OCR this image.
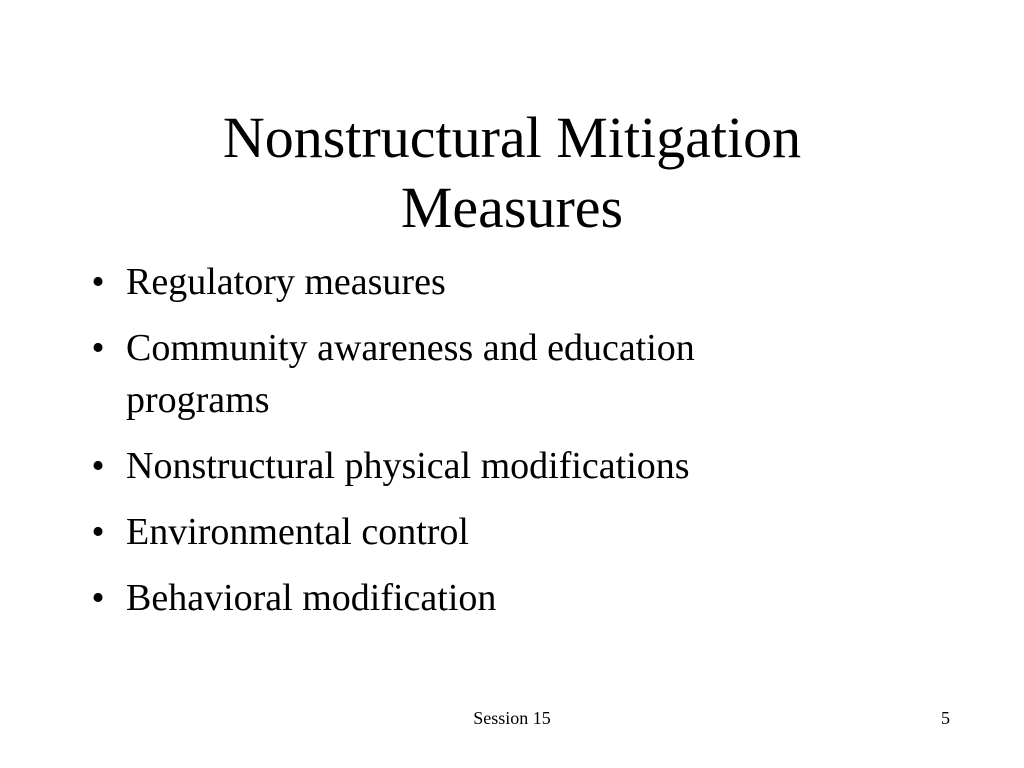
Nonstructural Mitigation
Measures
• Regulatory measures
• Community awareness and education programs
• Nonstructural physical modifications
• Environmental control
• Behavioral modification
Session 15	5
